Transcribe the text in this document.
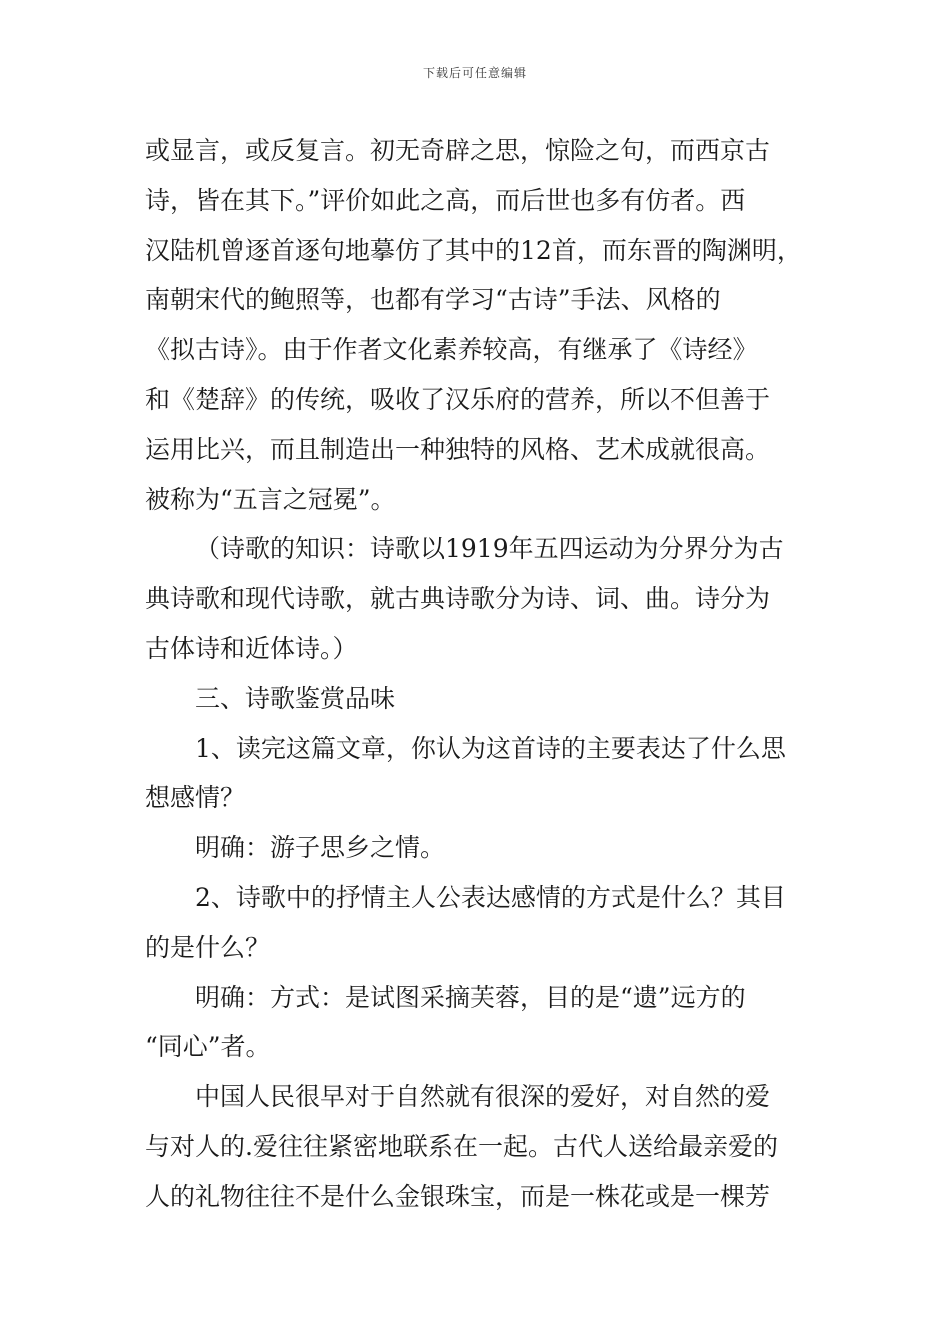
下载后可任意编辑
或显言，或反复言。初无奇辟之思，惊险之句，而西京古
诗，皆在其下。”评价如此之高，而后世也多有仿者。西
汉陆机曾逐首逐句地摹仿了其中的12首，而东晋的陶渊明，
南朝宋代的鲍照等，也都有学习“古诗”手法、风格的
《拟古诗》。由于作者文化素养较高，有继承了《诗经》
和《楚辞》的传统，吸收了汉乐府的营养，所以不但善于
运用比兴，而且制造出一种独特的风格、艺术成就很高。
被称为“五言之冠冕”。
（诗歌的知识：诗歌以1919年五四运动为分界分为古
典诗歌和现代诗歌，就古典诗歌分为诗、词、曲。诗分为
古体诗和近体诗。）
三、诗歌鉴赏品味
1、读完这篇文章，你认为这首诗的主要表达了什么思
想感情？
明确：游子思乡之情。
2、诗歌中的抒情主人公表达感情的方式是什么？其目
的是什么？
明确：方式：是试图采摘芙蓉，目的是“遗”远方的
“同心”者。
中国人民很早对于自然就有很深的爱好，对自然的爱
与对人的.爱往往紧密地联系在一起。古代人送给最亲爱的
人的礼物往往不是什么金银珠宝，而是一株花或是一棵芳
